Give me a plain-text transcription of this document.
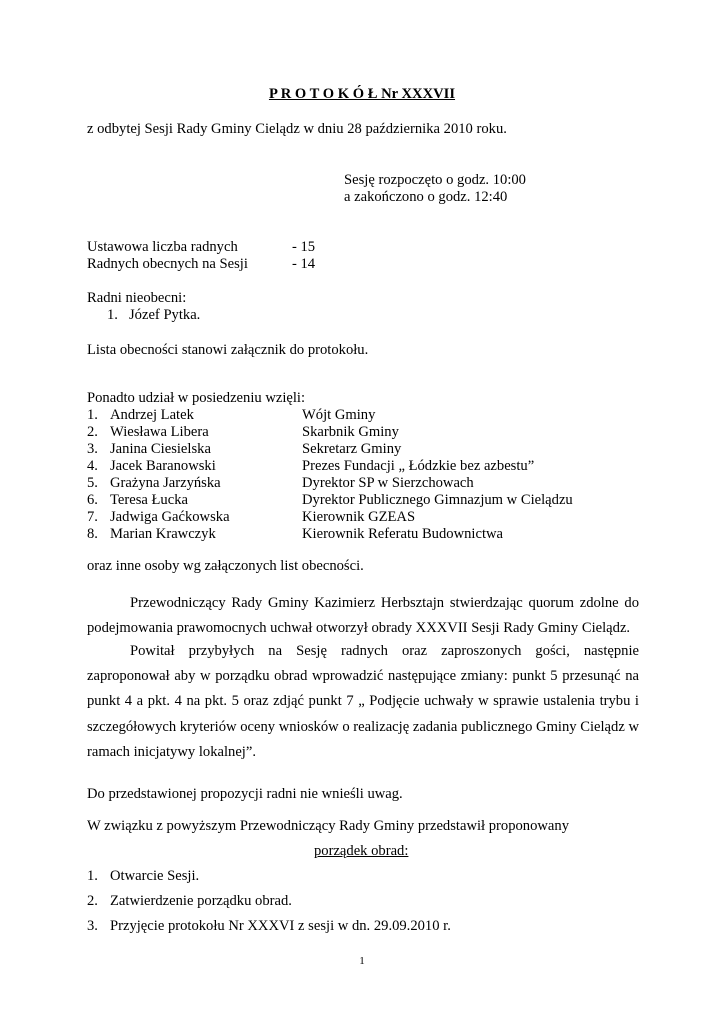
P R O T O K Ó Ł Nr XXXVII
z odbytej Sesji Rady Gminy Cielądz w dniu 28 października 2010 roku.
Sesję rozpoczęto o godz. 10:00
a zakończono o godz. 12:40
Ustawowa liczba radnych	- 15
Radnych obecnych na Sesji	- 14
Radni nieobecni:
1. Józef Pytka.
Lista obecności stanowi załącznik do protokołu.
Ponadto udział w posiedzeniu wzięli:
1. Andrzej Latek	Wójt Gminy
2. Wiesława Libera	Skarbnik Gminy
3. Janina Ciesielska	Sekretarz Gminy
4. Jacek Baranowski	Prezes Fundacji „ Łódzkie bez azbestu”
5. Grażyna Jarzyńska	Dyrektor SP w Sierzchowach
6. Teresa Łucka	Dyrektor Publicznego Gimnazjum w Cielądzu
7. Jadwiga Gaćkowska	Kierownik GZEAS
8. Marian Krawczyk	Kierownik Referatu Budownictwa
oraz inne osoby wg załączonych list obecności.
Przewodniczący Rady Gminy Kazimierz Herbsztajn stwierdzając quorum zdolne do podejmowania prawomocnych uchwał otworzył obrady XXXVII Sesji Rady Gminy Cielądz.
Powitał przybyłych na Sesję radnych oraz zaproszonych gości, następnie zaproponował aby w porządku obrad wprowadzić następujące zmiany: punkt 5 przesunąć na punkt 4 a pkt. 4 na pkt. 5 oraz zdjąć punkt 7 „ Podjęcie uchwały w sprawie ustalenia trybu i szczegółowych kryteriów oceny wniosków o realizację zadania publicznego Gminy Cielądz w ramach inicjatywy lokalnej”.
Do przedstawionej propozycji radni nie wnieśli uwag.
W związku z powyższym Przewodniczący Rady Gminy przedstawił proponowany
porządek obrad:
1. Otwarcie Sesji.
2. Zatwierdzenie porządku obrad.
3. Przyjęcie protokołu Nr XXXVI z sesji w dn. 29.09.2010 r.
1
